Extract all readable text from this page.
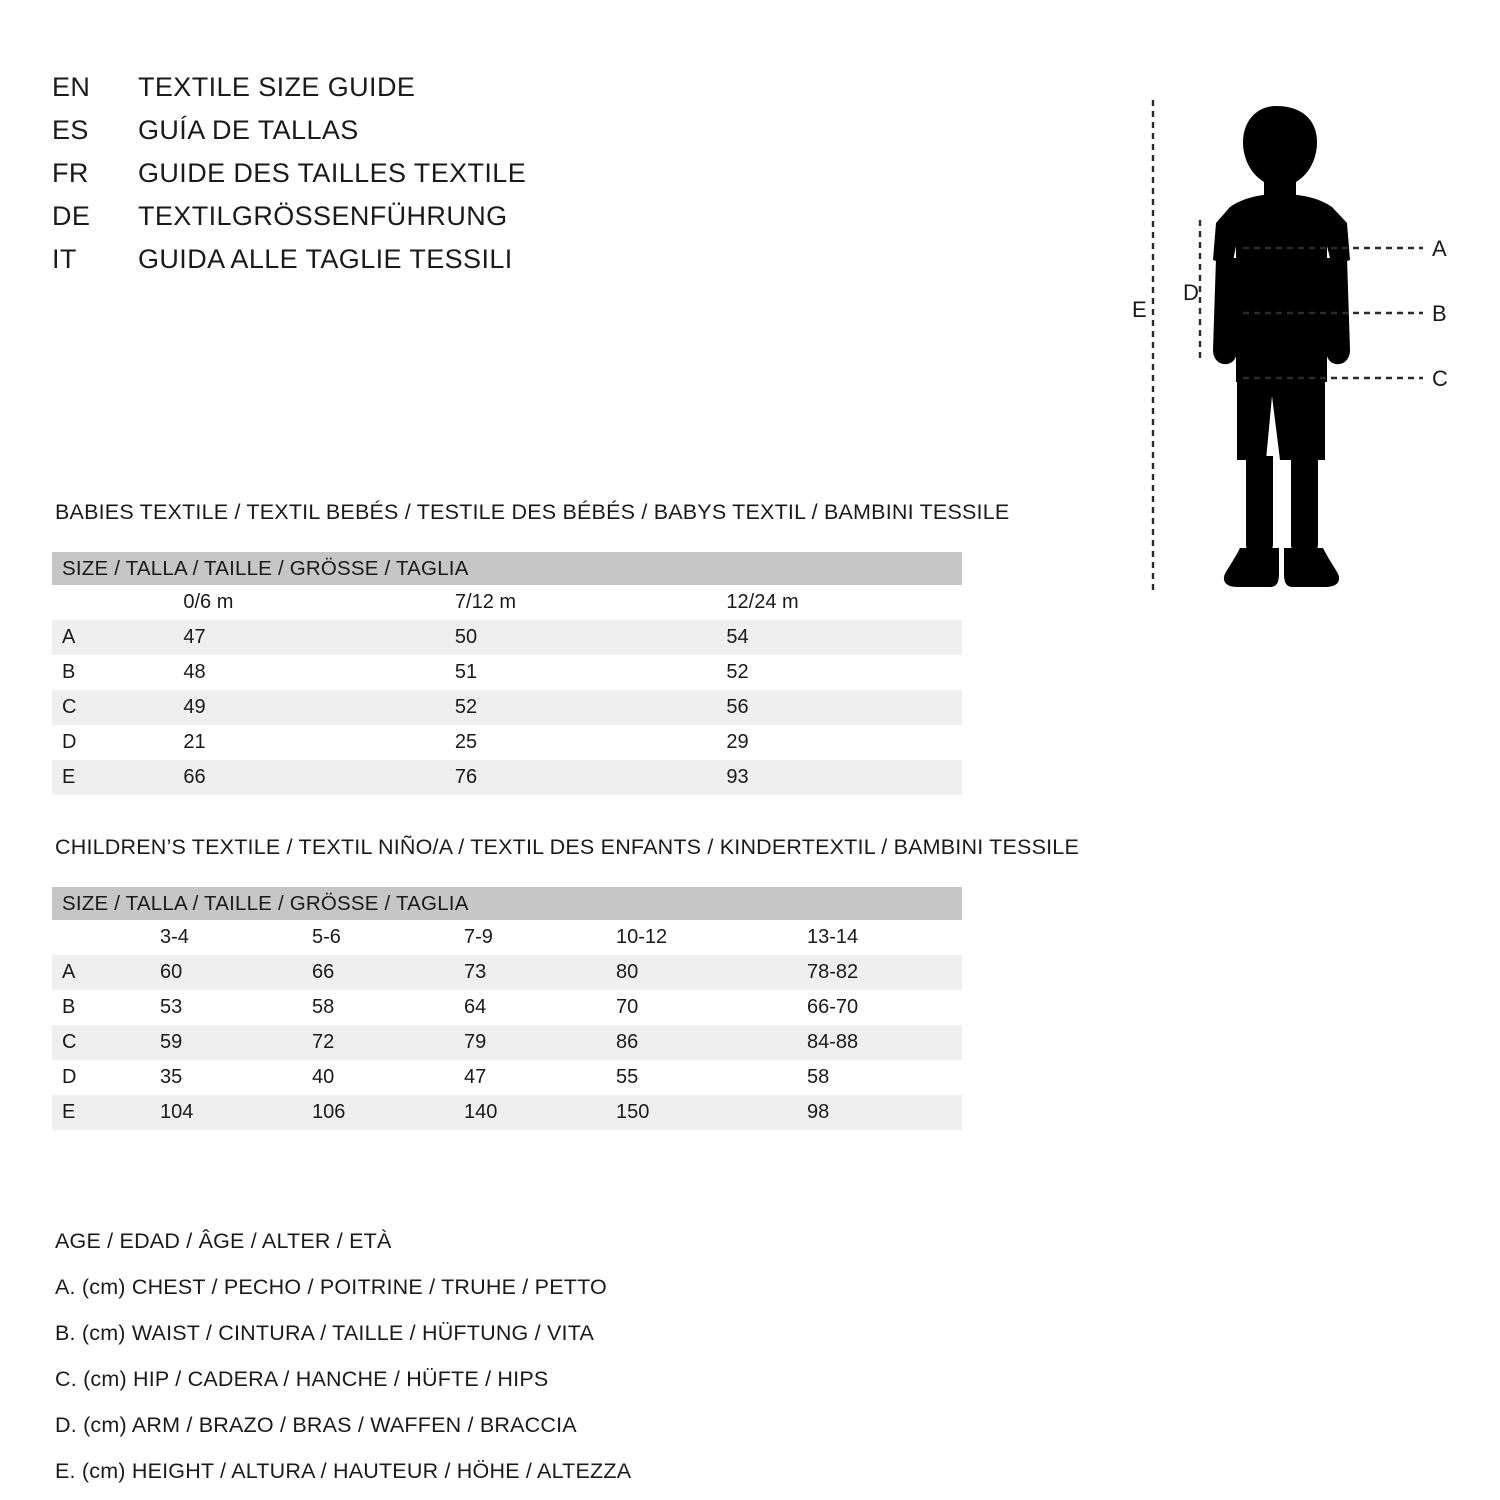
EN	TEXTILE SIZE GUIDE
ES	GUÍA DE TALLAS
FR	GUIDE DES TAILLES TEXTILE
DE	TEXTILGRÖSSENFÜHRUNG
IT	GUIDA ALLE TAGLIE TESSILI	A
B
C
D
E
BABIES TEXTILE / TEXTIL BEBÉS / TESTILE DES BÉBÉS / BABYS TEXTIL / BAMBINI TESSILE
SIZE / TALLA / TAILLE / GRÖSSE / TAGLIA			
	0/6 m	7/12 m	12/24 m
A	47	50	54
B	48	51	52
C	49	52	56
D	21	25	29
E	66	76	93
CHILDREN’S TEXTILE / TEXTIL NIÑO/A / TEXTIL DES ENFANTS / KINDERTEXTIL / BAMBINI TESSILE
SIZE / TALLA / TAILLE / GRÖSSE / TAGLIA					
	3-4	5-6	7-9	10-12	13-14
A	60	66	73	80	78-82
B	53	58	64	70	66-70
C	59	72	79	86	84-88
D	35	40	47	55	58
E	104	106	140	150	98
AGE / EDAD / ÂGE / ALTER / ETÀ
A. (cm) CHEST / PECHO / POITRINE / TRUHE / PETTO
B. (cm) WAIST / CINTURA / TAILLE / HÜFTUNG / VITA
C. (cm) HIP / CADERA / HANCHE / HÜFTE / HIPS
D. (cm) ARM / BRAZO / BRAS / WAFFEN / BRACCIA
E. (cm) HEIGHT / ALTURA / HAUTEUR / HÖHE / ALTEZZA
